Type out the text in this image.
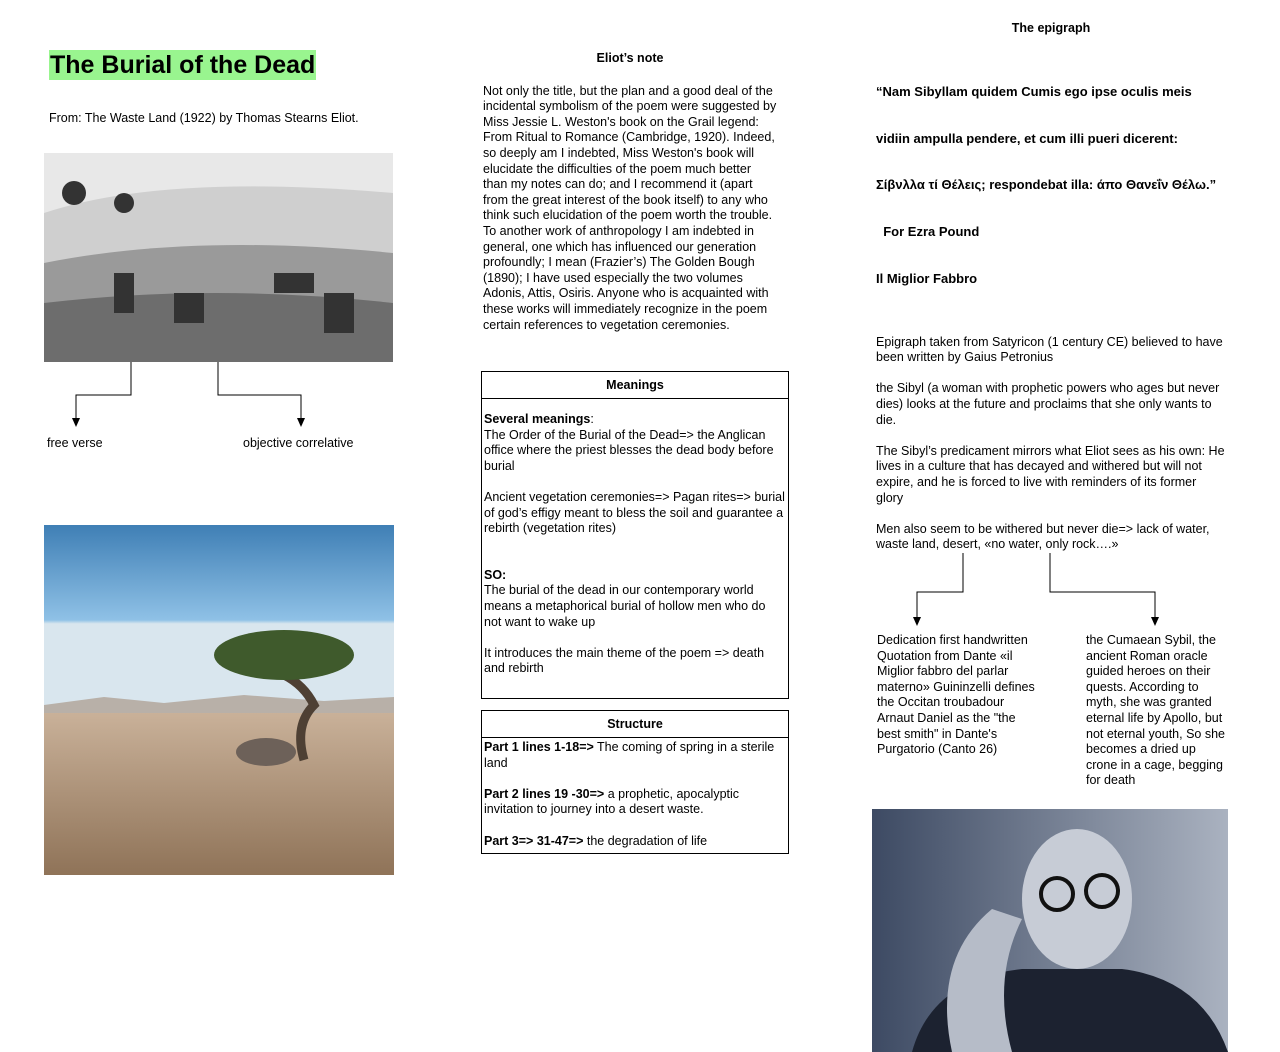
The Burial of the Dead
From: The Waste Land (1922) by Thomas Stearns Eliot.
free verse	objective correlative
Eliot’s note
Not only the title, but the plan and a good deal of the incidental symbolism of the poem were suggested by Miss Jessie L. Weston's book on the Grail legend: From Ritual to Romance (Cambridge, 1920). Indeed, so deeply am I indebted, Miss Weston's book will elucidate the difficulties of the poem much better than my notes can do; and I recommend it (apart from the great interest of the book itself) to any who think such elucidation of the poem worth the trouble. To another work of anthropology I am indebted in general, one which has influenced our generation profoundly; I mean (Frazier’s) The Golden Bough (1890); I have used especially the two volumes Adonis, Attis, Osiris. Anyone who is acquainted with these works will immediately recognize in the poem certain references to vegetation ceremonies.
Meanings
Several meanings:
The Order of the Burial of the Dead=> the Anglican office where the priest blesses the dead body before burial
Ancient vegetation ceremonies=> Pagan rites=> burial of god’s effigy meant to bless the soil and guarantee a rebirth (vegetation rites)
SO:
The burial of the dead in our contemporary world means a metaphorical burial of hollow men who do not want to wake up
It introduces the main theme of the poem => death and rebirth
Structure
Part 1 lines 1-18=> The coming of spring in a sterile land
Part 2 lines 19 -30=> a prophetic, apocalyptic invitation to journey into a desert waste.
Part 3=> 31-47=> the degradation of life
The epigraph

“Nam Sibyllam quidem Cumis ego ipse oculis meis

vidiin ampulla pendere, et cum illi pueri dicerent:

Σίβνλλα τί Θέλεις; respondebat illa: άπο Θανεΐν Θέλω.”

For Ezra Pound

Il Miglior Fabbro

Epigraph taken from Satyricon (1 century CE) believed to have been written by Gaius Petronius
the Sibyl (a woman with prophetic powers who ages but never dies) looks at the future and proclaims that she only wants to die.
The Sibyl’s predicament mirrors what Eliot sees as his own: He lives in a culture that has decayed and withered but will not expire, and he is forced to live with reminders of its former glory
Men also seem to be withered but never die=> lack of water, waste land, desert, «no water, only rock….»
Dedication first handwritten Quotation from Dante «il Miglior fabbro del parlar materno» Guininzelli defines the Occitan troubadour Arnaut Daniel as the "the best smith" in Dante's Purgatorio (Canto 26)
the Cumaean Sybil, the ancient Roman oracle guided heroes on their quests. According to myth, she was granted eternal life by Apollo, but not eternal youth, So she becomes a dried up crone in a cage, begging for death
